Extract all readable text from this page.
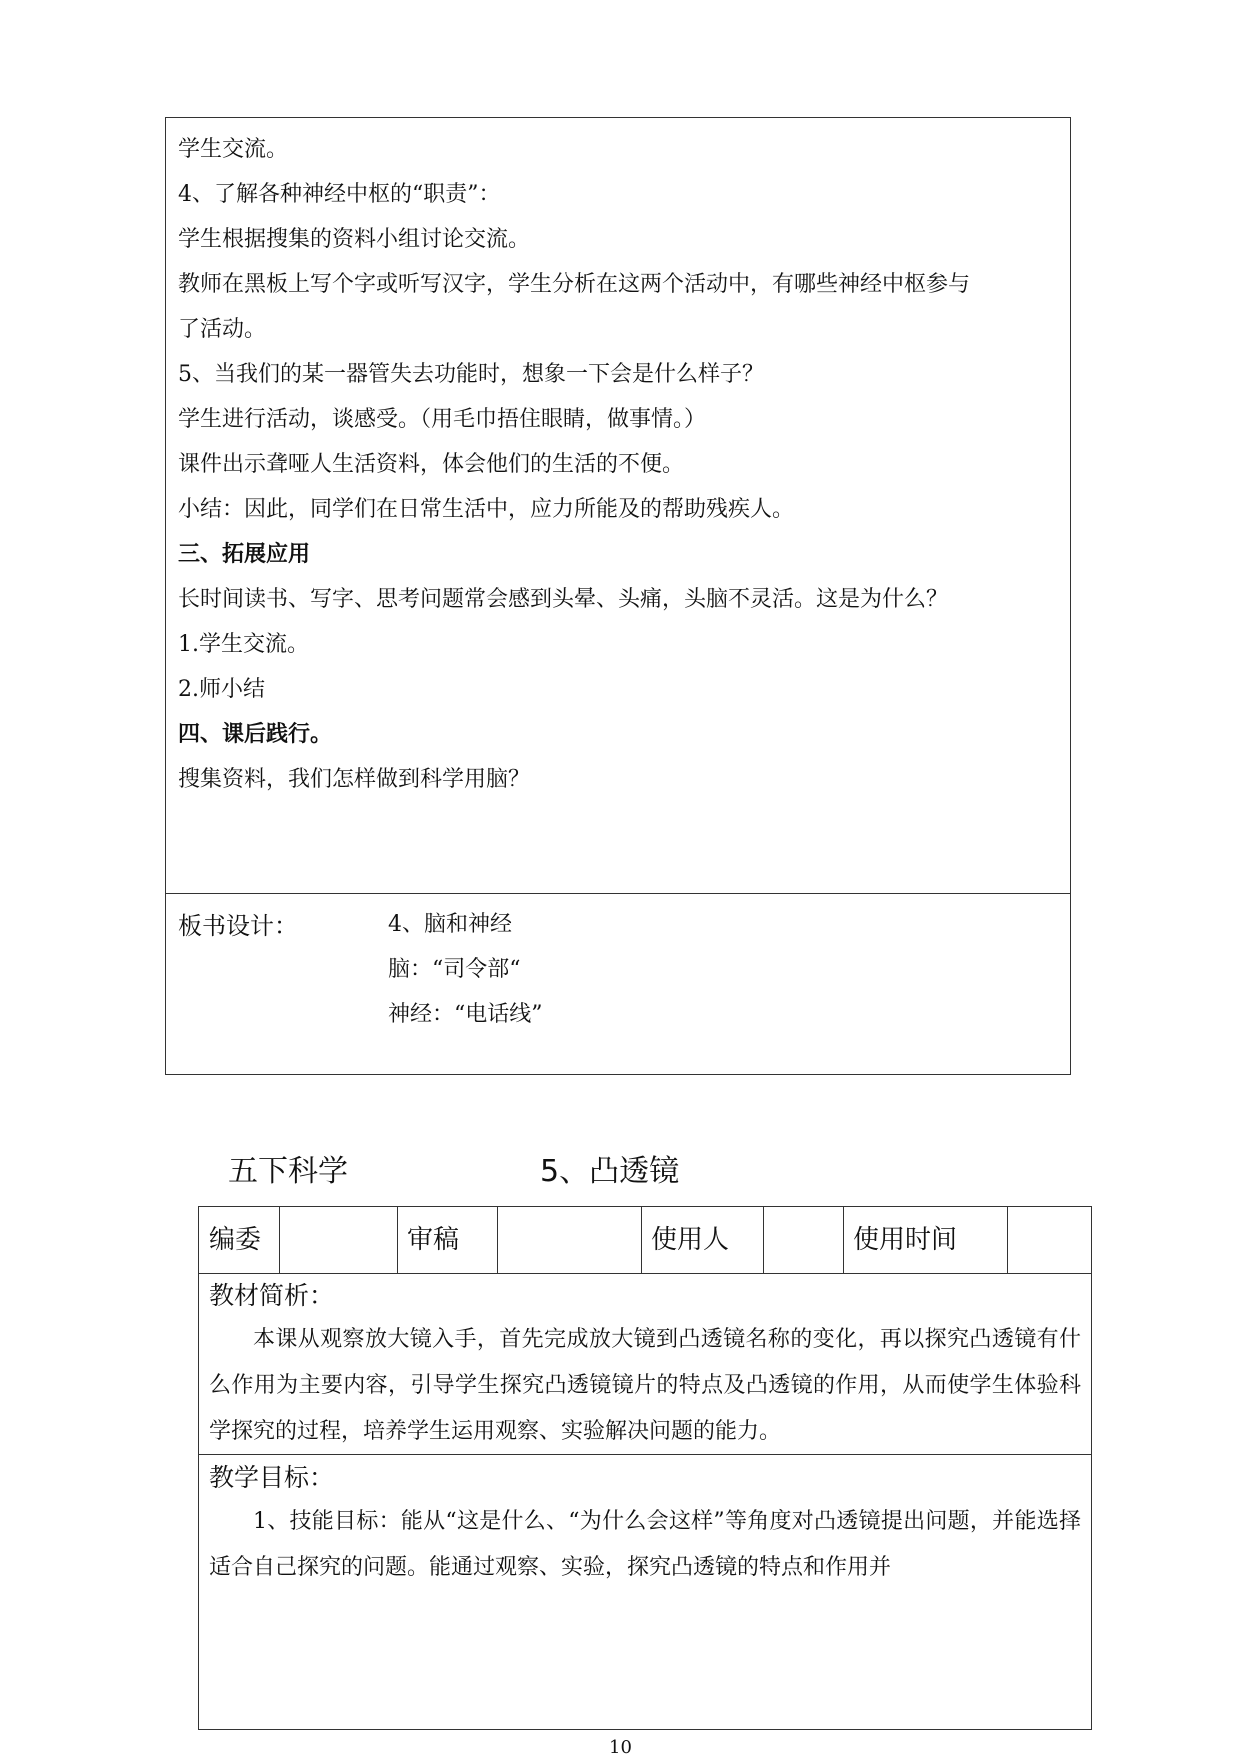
学生交流。
4、了解各种神经中枢的“职责”：
学生根据搜集的资料小组讨论交流。
教师在黑板上写个字或听写汉字，学生分析在这两个活动中，有哪些神经中枢参与
了活动。
5、当我们的某一器管失去功能时，想象一下会是什么样子？
学生进行活动，谈感受。（用毛巾捂住眼睛，做事情。）
课件出示聋哑人生活资料，体会他们的生活的不便。
小结：因此，同学们在日常生活中，应力所能及的帮助残疾人。
三、拓展应用
长时间读书、写字、思考问题常会感到头晕、头痛，头脑不灵活。这是为什么？
1.学生交流。
2.师小结
四、课后践行。
搜集资料，我们怎样做到科学用脑？
板书设计：	4、脑和神经
脑：“司令部“
神经：“电话线”
五下科学	5、凸透镜
编委	审稿	使用人	使用时间
教材简析：
本课从观察放大镜入手，首先完成放大镜到凸透镜名称的变化，再以探究凸透镜有什么作用为主要内容，引导学生探究凸透镜镜片的特点及凸透镜的作用，从而使学生体验科学探究的过程，培养学生运用观察、实验解决问题的能力。
教学目标：
1、技能目标：能从“这是什么、“为什么会这样”等角度对凸透镜提出问题，并能选择适合自己探究的问题。能通过观察、实验，探究凸透镜的特点和作用并
10
